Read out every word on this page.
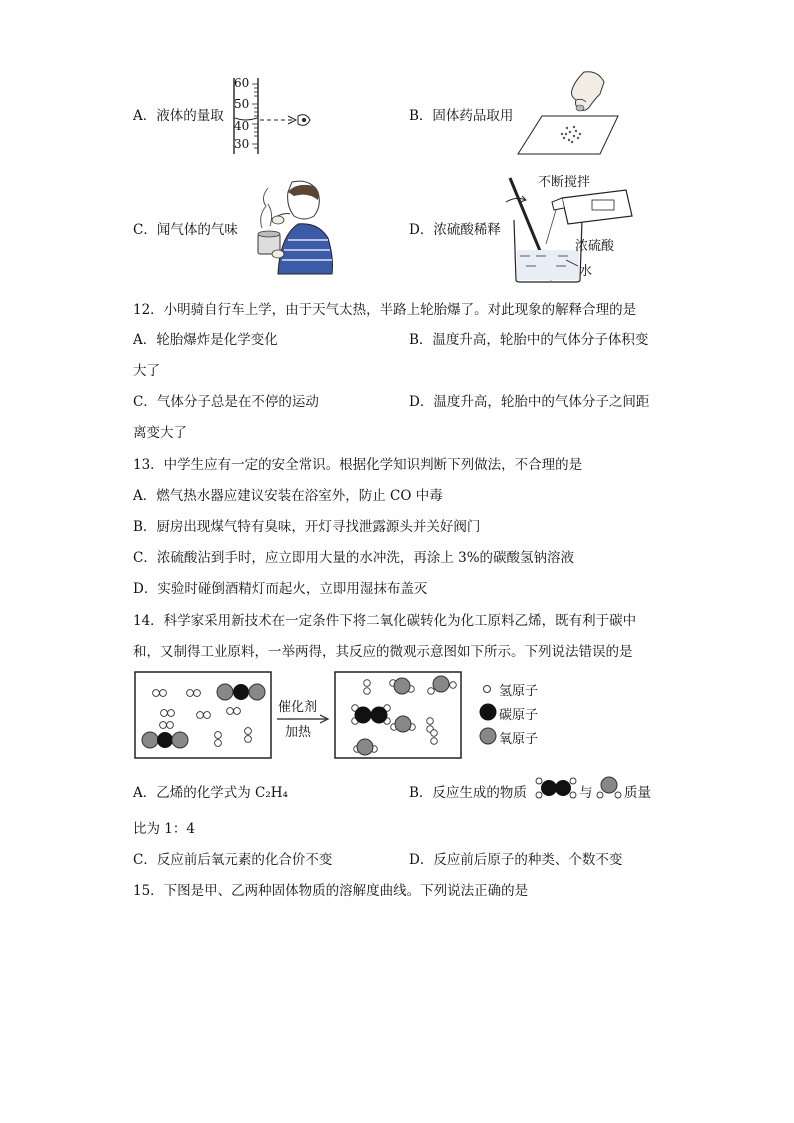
A．液体的量取
60
50
40
30
B．固体药品取用
C．闻气体的气味	D．浓硫酸稀释
不断搅拌
浓硫酸
水
12．小明骑自行车上学，由于天气太热，半路上轮胎爆了。对此现象的解释合理的是
A．轮胎爆炸是化学变化	B．温度升高，轮胎中的气体分子体积变
大了
C．气体分子总是在不停的运动	D．温度升高，轮胎中的气体分子之间距
离变大了
13．中学生应有一定的安全常识。根据化学知识判断下列做法，不合理的是
A．燃气热水器应建议安装在浴室外，防止 CO 中毒
B．厨房出现煤气特有臭味，开灯寻找泄露源头并关好阀门
C．浓硫酸沾到手时，应立即用大量的水冲洗，再涂上 3%的碳酸氢钠溶液
D．实验时碰倒酒精灯而起火，立即用湿抹布盖灭
14．科学家采用新技术在一定条件下将二氧化碳转化为化工原料乙烯，既有利于碳中
和，又制得工业原料，一举两得，其反应的微观示意图如下所示。下列说法错误的是
催化剂
加热
氢原子
碳原子
氧原子
A．乙烯的化学式为 C₂H₄	B．反应生成的物质	与 质量
比为 1：4
C．反应前后氧元素的化合价不变	D．反应前后原子的种类、个数不变
15．下图是甲、乙两种固体物质的溶解度曲线。下列说法正确的是
